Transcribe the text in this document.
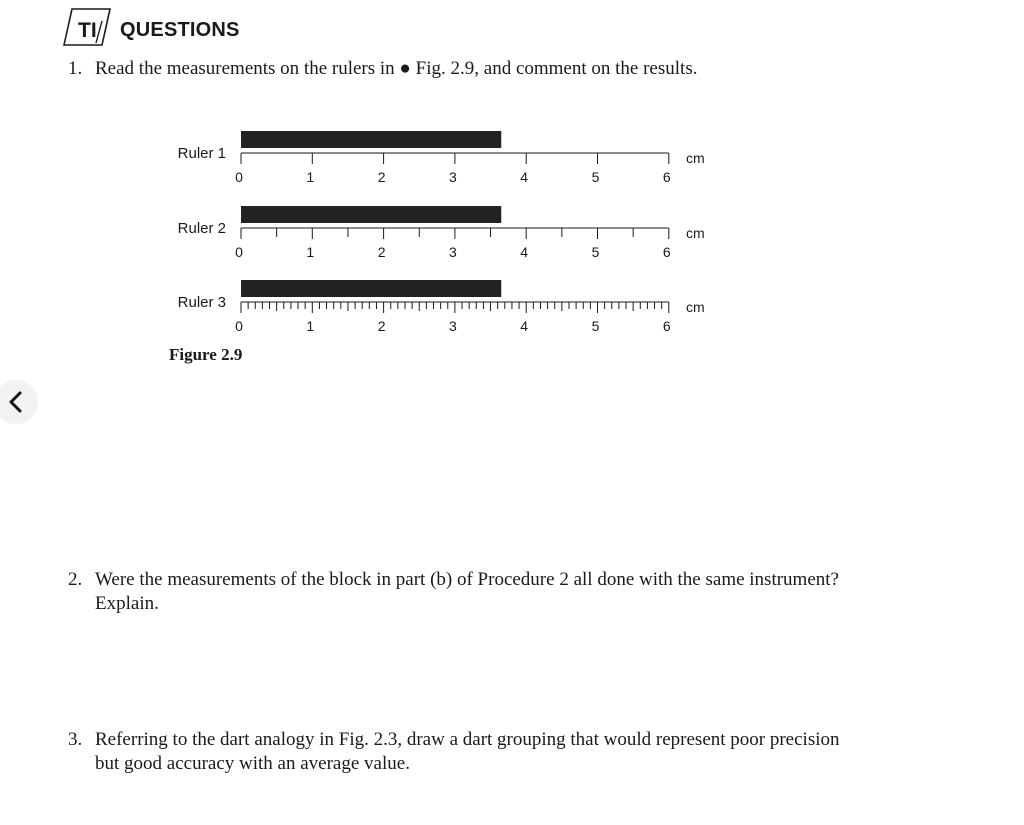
TI QUESTIONS
1. Read the measurements on the rulers in ● Fig. 2.9, and comment on the results.
0	1	2	3	4	5	6
Ruler 1	cm
0	1	2	3	4	5	6
Ruler 2	cm
0	1	2	3	4	5	6
Ruler 3	cm
Figure 2.9
2. Were the measurements of the block in part (b) of Procedure 2 all done with the same instrument? Explain.
3. Referring to the dart analogy in Fig. 2.3, draw a dart grouping that would represent poor precision but good accuracy with an average value.
